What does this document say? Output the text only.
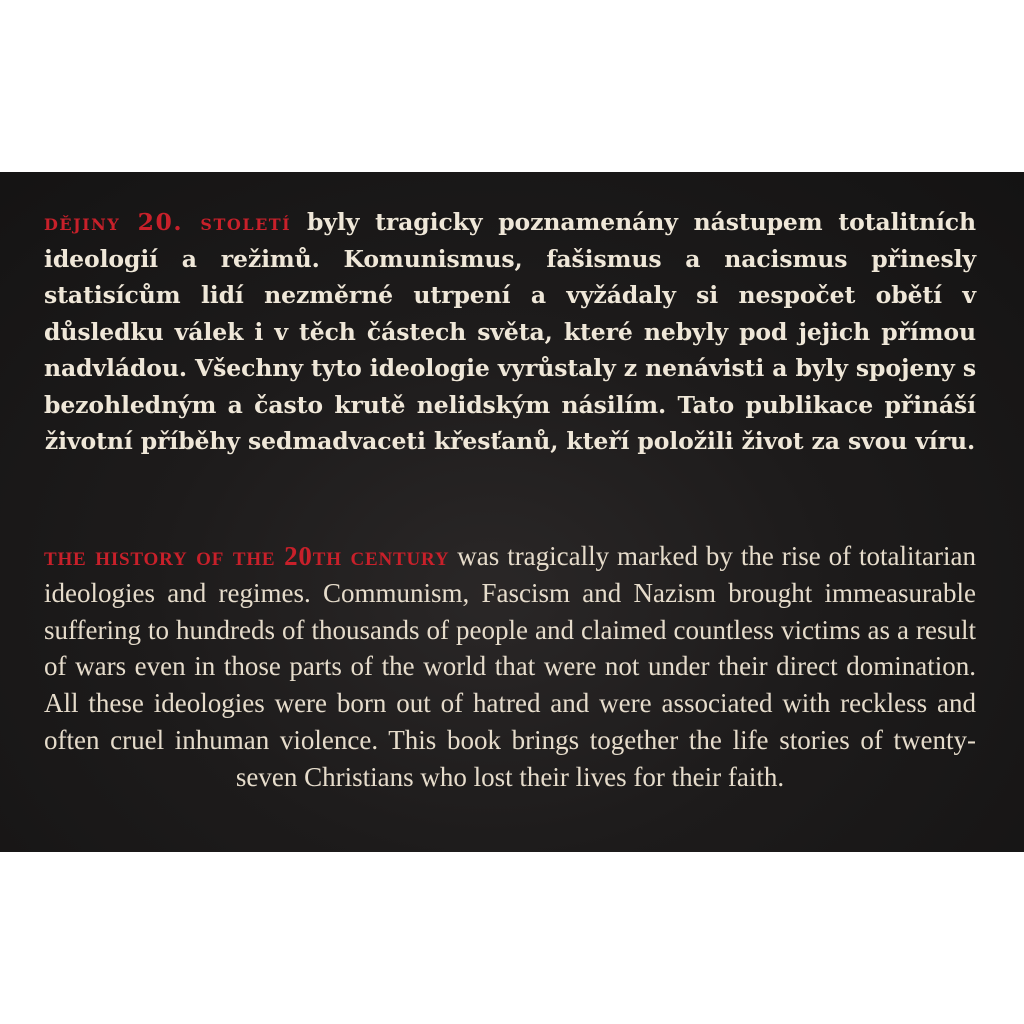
dějiny 20. století byly tragicky poznamenány nástupem totalitních ideologií a režimů. Komunismus, fašismus a nacismus přinesly statisícům lidí nezměrné utrpení a vyžádaly si nespočet obětí v důsledku válek i v těch částech světa, které nebyly pod jejich přímou nadvládou. Všechny tyto ideologie vyrůstaly z nenávisti a byly spojeny s bezohledným a často krutě nelidským násilím. Tato publikace přináší životní příběhy sedmadvaceti křesťanů, kteří položili život za svou víru.

the history of the 20th century was tragically marked by the rise of totalitarian ideologies and regimes. Communism, Fascism and Nazism brought immeasurable suffering to hundreds of thousands of people and claimed countless victims as a result of wars even in those parts of the world that were not under their direct domination. All these ideologies were born out of hatred and were associated with reckless and often cruel inhuman violence. This book brings together the life stories of twenty-seven Christians who lost their lives for their faith.
